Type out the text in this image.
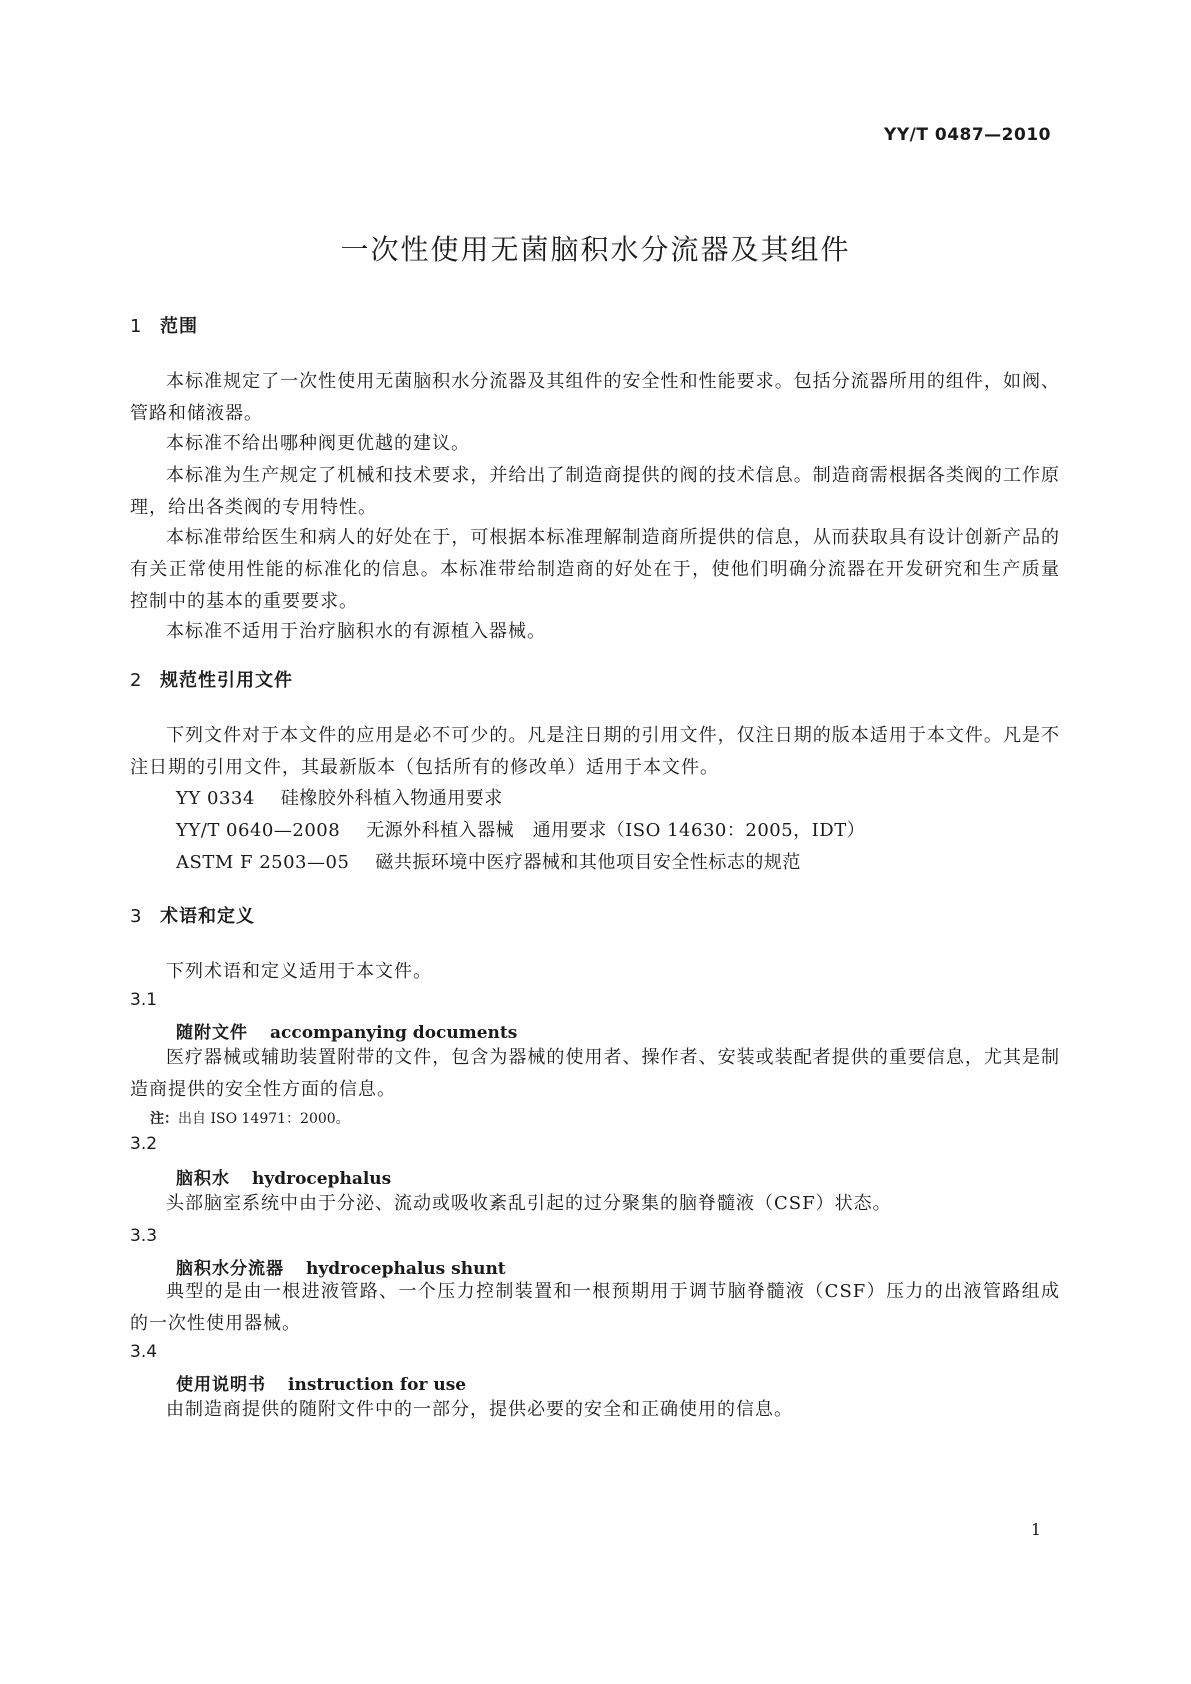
YY/T 0487—2010
一次性使用无菌脑积水分流器及其组件
1 范围
本标准规定了一次性使用无菌脑积水分流器及其组件的安全性和性能要求。包括分流器所用的组件，如阀、管路和储液器。
本标准不给出哪种阀更优越的建议。
本标准为生产规定了机械和技术要求，并给出了制造商提供的阀的技术信息。制造商需根据各类阀的工作原理，给出各类阀的专用特性。
本标准带给医生和病人的好处在于，可根据本标准理解制造商所提供的信息，从而获取具有设计创新产品的有关正常使用性能的标准化的信息。本标准带给制造商的好处在于，使他们明确分流器在开发研究和生产质量控制中的基本的重要要求。
本标准不适用于治疗脑积水的有源植入器械。
2 规范性引用文件
下列文件对于本文件的应用是必不可少的。凡是注日期的引用文件，仅注日期的版本适用于本文件。凡是不注日期的引用文件，其最新版本（包括所有的修改单）适用于本文件。
YY 0334 硅橡胶外科植入物通用要求
YY/T 0640—2008 无源外科植入器械　通用要求（ISO 14630：2005，IDT）
ASTM F 2503—05 磁共振环境中医疗器械和其他项目安全性标志的规范
3 术语和定义
下列术语和定义适用于本文件。
3.1
随附文件 accompanying documents
医疗器械或辅助装置附带的文件，包含为器械的使用者、操作者、安装或装配者提供的重要信息，尤其是制造商提供的安全性方面的信息。
注：出自 ISO 14971：2000。
3.2
脑积水 hydrocephalus
头部脑室系统中由于分泌、流动或吸收紊乱引起的过分聚集的脑脊髓液（CSF）状态。
3.3
脑积水分流器 hydrocephalus shunt
典型的是由一根进液管路、一个压力控制装置和一根预期用于调节脑脊髓液（CSF）压力的出液管路组成的一次性使用器械。
3.4
使用说明书 instruction for use
由制造商提供的随附文件中的一部分，提供必要的安全和正确使用的信息。
1
